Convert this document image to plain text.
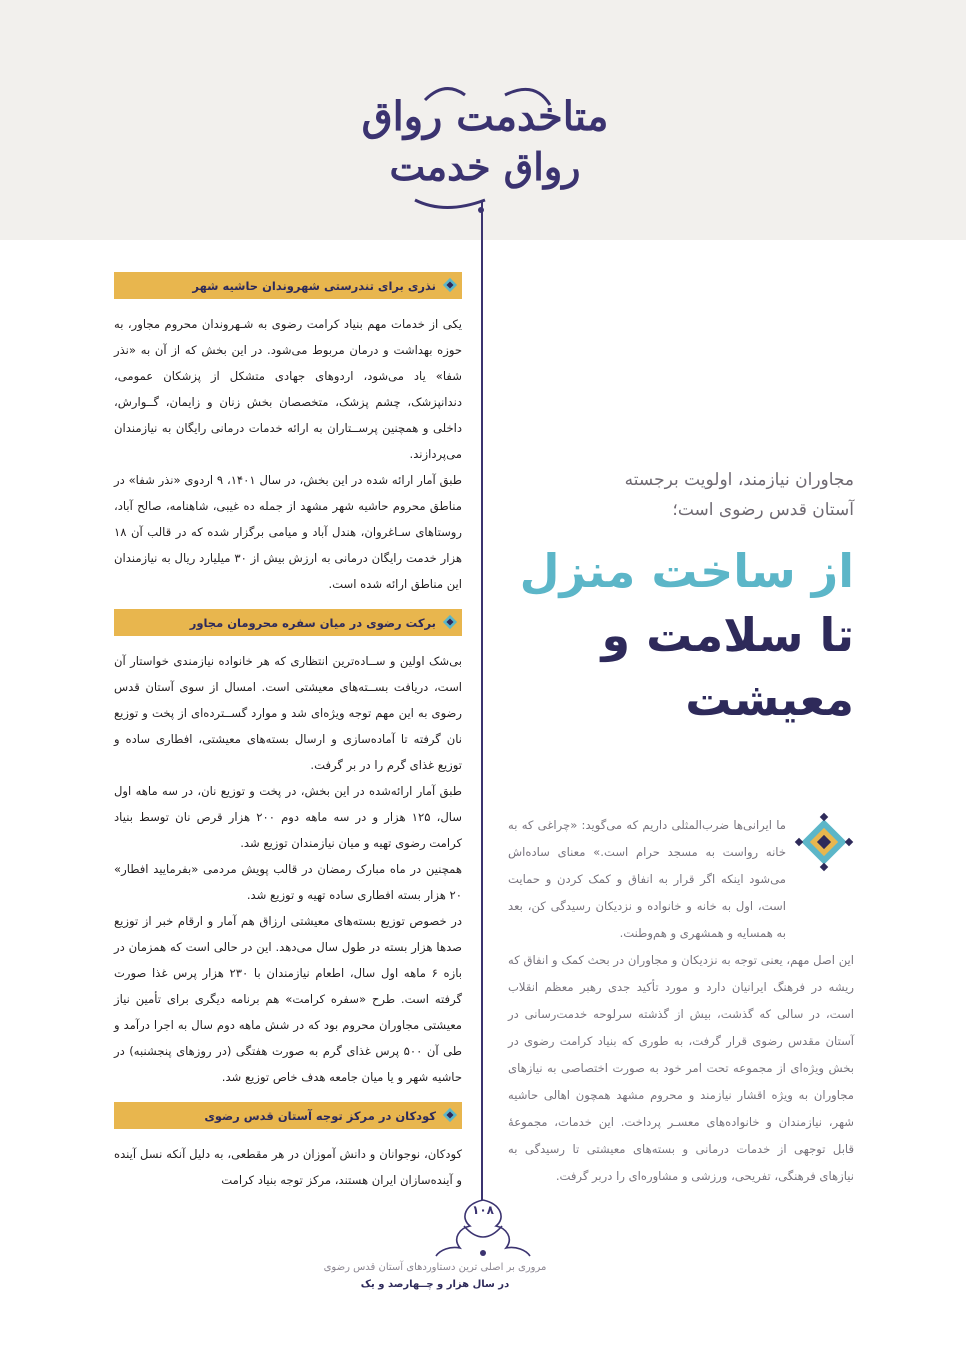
متاخدمت رواق
رواق خدمت
نذری برای تندرستی شهروندان حاشیه شهر

یکی از خدمات مهم بنیاد کرامت رضوی به شـهروندان محروم مجاور، به حوزه بهداشت و درمان مربوط می‌شود. در این بخش که از آن به «نذر شفا» یاد می‌شود، اردوهای جهادی متشکل از پزشکان عمومی، دندانپزشک، چشم پزشک، متخصصان بخش زنان و زایمان، گــوارش، داخلی و همچنین پرســتاران به ارائه خدمات درمانی رایگان به نیازمندان می‌پردازند.

طبق آمار ارائه شده در این بخش، در سال ۱۴۰۱، ۹ اردوی «نذر شفا» در مناطق محروم حاشیه شهر مشهد از جمله ده غیبی، شاهنامه، صالح آباد، روستاهای سـاغروان، هندل آباد و میامی برگزار شده که در قالب آن ۱۸ هزار خدمت رایگان درمانی به ارزش بیش از ۳۰ میلیارد ریال به نیازمندان این مناطق ارائه شده است.

برکت رضوی در میان سفره محرومان مجاور

بی‌شک اولین و ســاده‌ترین انتظاری که هر خانواده نیازمندی خواستار آن است، دریافت بســته‌های معیشتی است. امسال از سوی آستان قدس رضوی به این مهم توجه ویژه‌ای شد و موارد گســترده‌ای از پخت و توزیع نان گرفته تا آماده‌سازی و ارسال بسته‌های معیشتی، افطاری ساده و توزیع غذای گرم را در بر گرفت.

طبق آمار ارائه‌شده در این بخش، در پخت و توزیع نان، در سه ماهه اول سال، ۱۲۵ هزار و در سه ماهه دوم ۲۰۰ هزار قرص نان توسط بنیاد کرامت رضوی تهیه و میان نیازمندان توزیع شد.

همچنین در ماه مبارک رمضان در قالب پویش مردمی «بفرمایید افطار» ۲۰ هزار بسته افطاری ساده تهیه و توزیع شد.

در خصوص توزیع بسته‌های معیشتی ارزاق هم آمار و ارقام خبر از توزیع صدها هزار بسته در طول سال می‌دهد. این در حالی است که همزمان در بازه ۶ ماهه اول سال، اطعام نیازمندان با ۲۳۰ هزار پرس غذا صورت گرفته است. طرح «سفره کرامت» هم برنامه دیگری برای تأمین نیاز معیشتی مجاوران محروم بود که در شش ماهه دوم سال به اجرا درآمد و طی آن ۵۰۰ پرس غذای گرم به صورت هفتگی (در روزهای پنجشنبه) در حاشیه شهر و یا میان جامعه هدف خاص توزیع شد.

کودکان در مرکز توجه آستان قدس رضوی

کودکان، نوجوانان و دانش آموزان در هر مقطعی، به دلیل آنکه نسل آینده و آینده‌سازان ایران هستند، مرکز توجه بنیاد کرامت

مجاوران نیازمند، اولویت برجسته
آستان قدس رضوی است؛

از ساخت منزل

تا سلامت و

معیشت

ما ایرانی‌ها ضرب‌المثلی داریم که می‌گوید: «چراغی که به خانه رواست به مسجد حرام است.» معنای ساده‌اش می‌شود اینکه اگر قرار به انفاق و کمک کردن و حمایت است، اول به خانه و خانواده و نزدیکان رسیدگی کن، بعد به همسایه و همشهری و هم‌وطنت.

این اصل مهم، یعنی توجه به نزدیکان و مجاوران در بحث کمک و انفاق که ریشه در فرهنگ ایرانیان دارد و مورد تأکید جدی رهبر معظم انقلاب است، در سالی که گذشت، بیش از گذشته سرلوحه خدمت‌رسانی در آستان مقدس رضوی قرار گرفت، به طوری که بنیاد کرامت رضوی در بخش ویژه‌ای از مجموعه تحت امر خود به صورت اختصاصی به نیازهای مجاوران به ویژه اقشار نیازمند و محروم مشهد همچون اهالی حاشیه شهر، نیازمندان و خانواده‌های معسـر پرداخت. این خدمات، مجموعهٔ قابل توجهی از خدمات درمانی و بسته‌های معیشتی تا رسیدگی به نیازهای فرهنگی، تفریحی، ورزشی و مشاوره‌ای را دربر گرفت.

۱۰۸
مروری بر اصلی ترین دستاوردهای آستان قدس رضوی
در سال هزار و چــهارصد و یک
